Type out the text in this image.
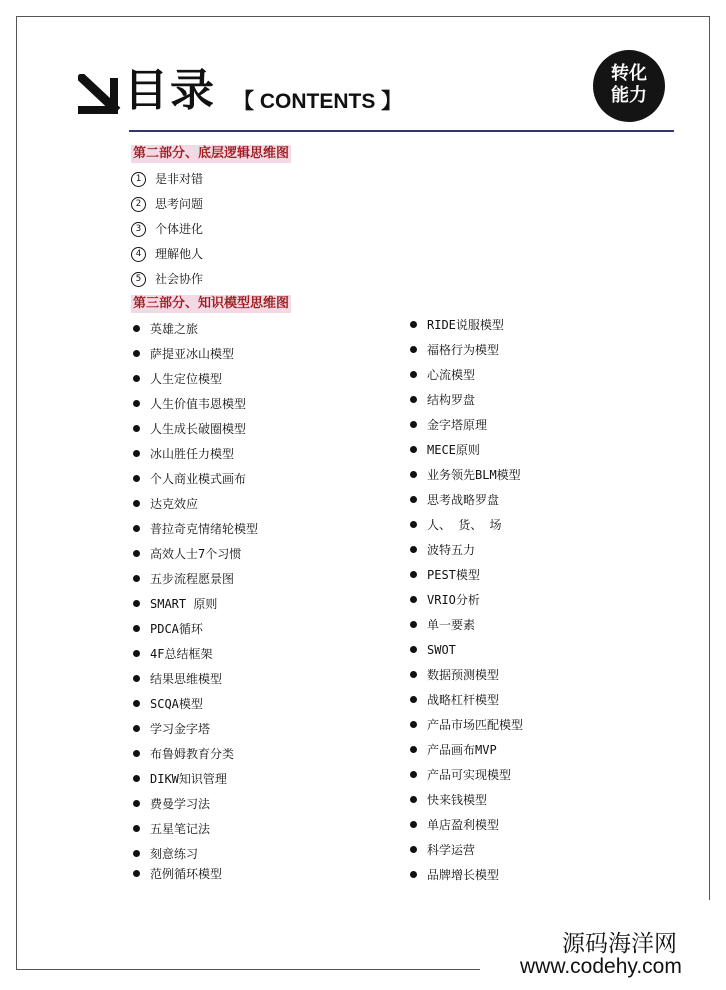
目录 【 CONTENTS 】
转化
能力
第二部分、底层逻辑思维图
1 是非对错
2 思考问题
3 个体进化
4 理解他人
5 社会协作
第三部分、知识模型思维图
英雄之旅
萨提亚冰山模型
人生定位模型
人生价值韦恩模型
人生成长破圈模型
冰山胜任力模型
个人商业模式画布
达克效应
普拉奇克情绪轮模型
高效人士7个习惯
五步流程愿景图
SMART 原则
PDCA循环
4F总结框架
结果思维模型
SCQA模型
学习金字塔
布鲁姆教育分类
DIKW知识管理
费曼学习法
五星笔记法
刻意练习
范例循环模型
RIDE说服模型
福格行为模型
心流模型
结构罗盘
金字塔原理
MECE原则
业务领先BLM模型
思考战略罗盘
人、 货、 场
波特五力
PEST模型
VRIO分析
单一要素
SWOT
数据预测模型
战略杠杆模型
产品市场匹配模型
产品画布MVP
产品可实现模型
快来钱模型
单店盈利模型
科学运营
品牌增长模型
源码海洋网
www.codehy.com
